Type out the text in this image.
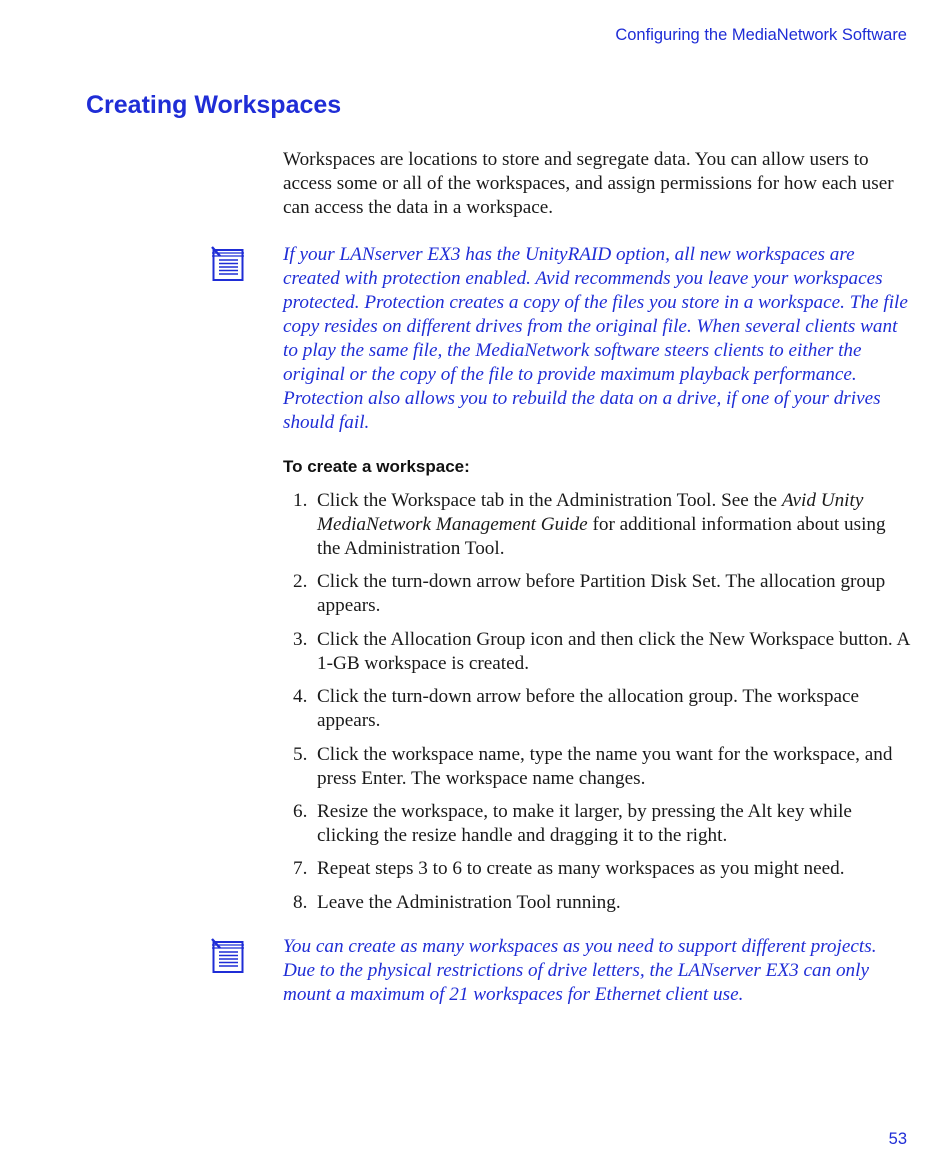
Configuring the MediaNetwork Software
Creating Workspaces

Workspaces are locations to store and segregate data. You can allow users to access some or all of the workspaces, and assign permissions for how each user can access the data in a workspace.

If your LANserver EX3 has the UnityRAID option, all new workspaces are created with protection enabled. Avid recommends you leave your workspaces protected. Protection creates a copy of the files you store in a workspace. The file copy resides on different drives from the original file. When several clients want to play the same file, the MediaNetwork software steers clients to either the original or the copy of the file to provide maximum playback performance. Protection also allows you to rebuild the data on a drive, if one of your drives should fail.

To create a workspace:
1. Click the Workspace tab in the Administration Tool. See the Avid Unity MediaNetwork Management Guide for additional information about using the Administration Tool.
2. Click the turn-down arrow before Partition Disk Set. The allocation group appears.
3. Click the Allocation Group icon and then click the New Workspace button. A 1-GB workspace is created.
4. Click the turn-down arrow before the allocation group. The workspace appears.
5. Click the workspace name, type the name you want for the workspace, and press Enter. The workspace name changes.
6. Resize the workspace, to make it larger, by pressing the Alt key while clicking the resize handle and dragging it to the right.
7. Repeat steps 3 to 6 to create as many workspaces as you might need.
8. Leave the Administration Tool running.

You can create as many workspaces as you need to support different projects. Due to the physical restrictions of drive letters, the LANserver EX3 can only mount a maximum of 21 workspaces for Ethernet client use.

53
